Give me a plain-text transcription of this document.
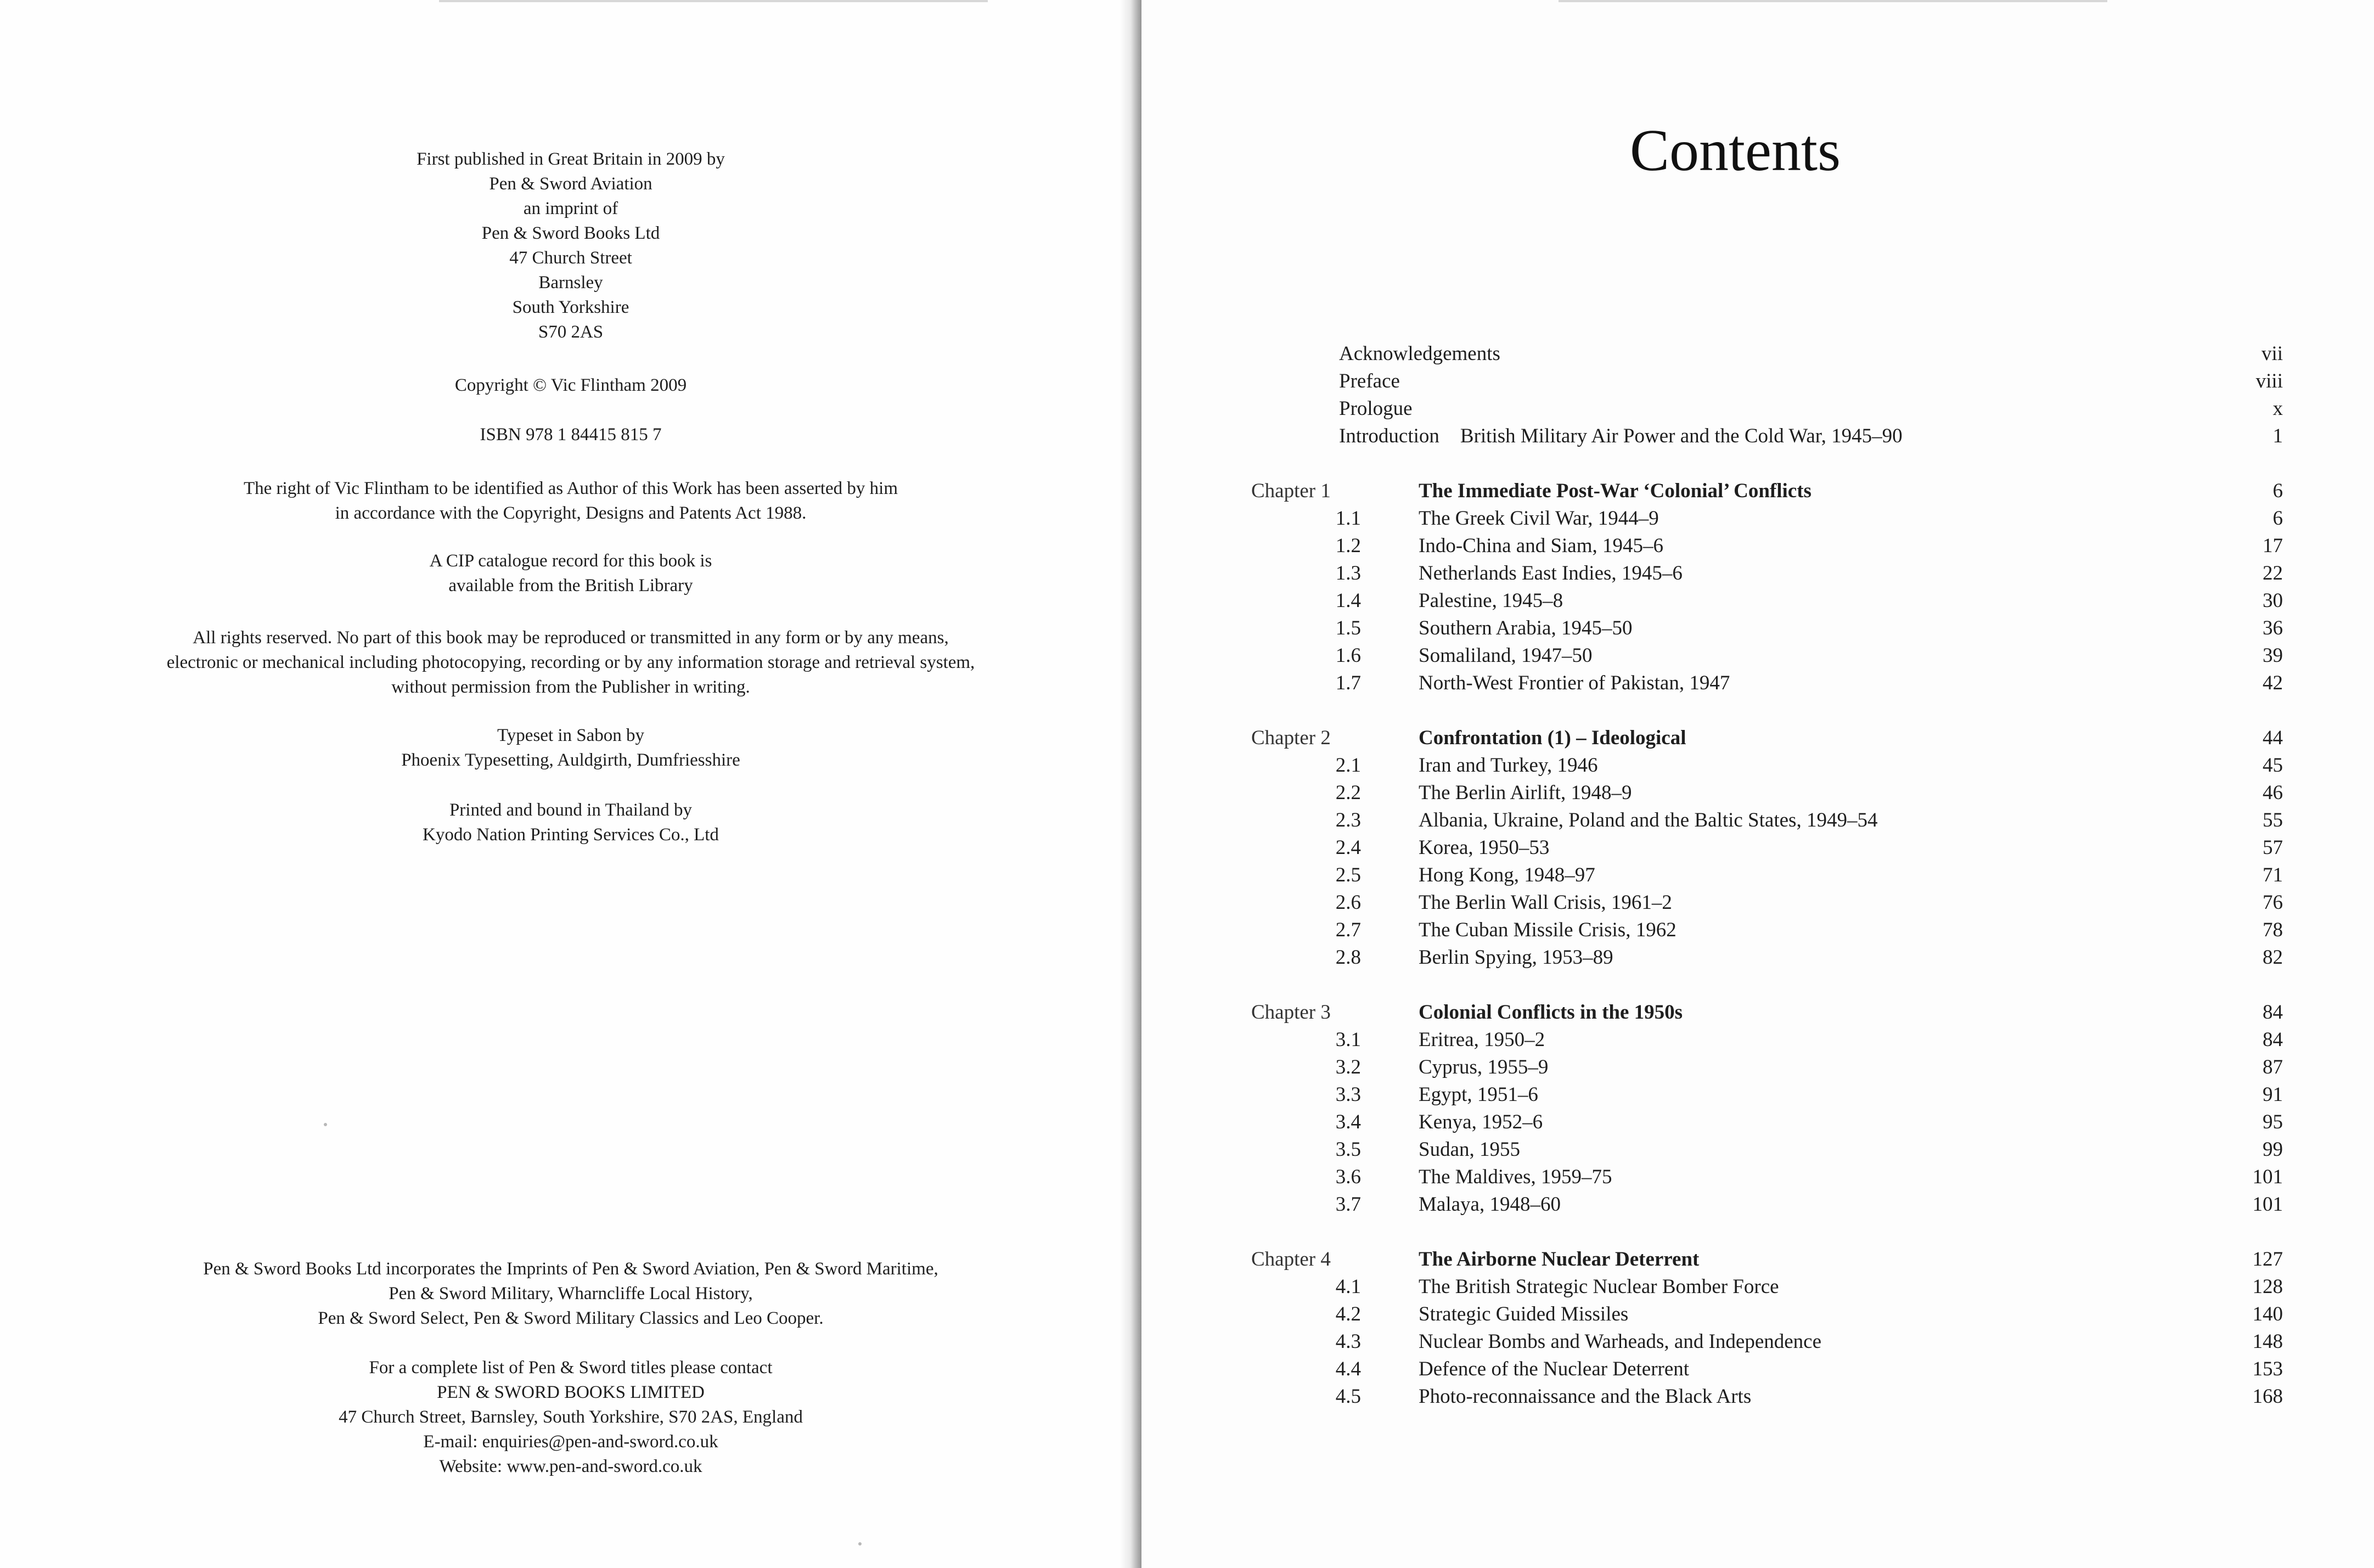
First published in Great Britain in 2009 by

Pen & Sword Aviation

an imprint of

Pen & Sword Books Ltd

47 Church Street

Barnsley

South Yorkshire

S70 2AS

Copyright © Vic Flintham 2009

ISBN 978 1 84415 815 7

The right of Vic Flintham to be identified as Author of this Work has been asserted by him

in accordance with the Copyright, Designs and Patents Act 1988.

A CIP catalogue record for this book is

available from the British Library

All rights reserved. No part of this book may be reproduced or transmitted in any form or by any means,

electronic or mechanical including photocopying, recording or by any information storage and retrieval system,

without permission from the Publisher in writing.

Typeset in Sabon by

Phoenix Typesetting, Auldgirth, Dumfriesshire

Printed and bound in Thailand by

Kyodo Nation Printing Services Co., Ltd

Pen & Sword Books Ltd incorporates the Imprints of Pen & Sword Aviation, Pen & Sword Maritime,

Pen & Sword Military, Wharncliffe Local History,

Pen & Sword Select, Pen & Sword Military Classics and Leo Cooper.

For a complete list of Pen & Sword titles please contact

PEN & SWORD BOOKS LIMITED

47 Church Street, Barnsley, South Yorkshire, S70 2AS, England

E-mail: enquiries@pen-and-sword.co.uk

Website: www.pen-and-sword.co.uk

Contents
Acknowledgements	vii
Preface	viii
Prologue	x
Introduction British Military Air Power and the Cold War, 1945–90	1
Chapter 1	The Immediate Post-War ‘Colonial’ Conflicts	6
1.1	The Greek Civil War, 1944–9	6
1.2	Indo-China and Siam, 1945–6	17
1.3	Netherlands East Indies, 1945–6	22
1.4	Palestine, 1945–8	30
1.5	Southern Arabia, 1945–50	36
1.6	Somaliland, 1947–50	39
1.7	North-West Frontier of Pakistan, 1947	42
Chapter 2	Confrontation (1) – Ideological	44
2.1	Iran and Turkey, 1946	45
2.2	The Berlin Airlift, 1948–9	46
2.3	Albania, Ukraine, Poland and the Baltic States, 1949–54	55
2.4	Korea, 1950–53	57
2.5	Hong Kong, 1948–97	71
2.6	The Berlin Wall Crisis, 1961–2	76
2.7	The Cuban Missile Crisis, 1962	78
2.8	Berlin Spying, 1953–89	82
Chapter 3	Colonial Conflicts in the 1950s	84
3.1	Eritrea, 1950–2	84
3.2	Cyprus, 1955–9	87
3.3	Egypt, 1951–6	91
3.4	Kenya, 1952–6	95
3.5	Sudan, 1955	99
3.6	The Maldives, 1959–75	101
3.7	Malaya, 1948–60	101
Chapter 4	The Airborne Nuclear Deterrent	127
4.1	The British Strategic Nuclear Bomber Force	128
4.2	Strategic Guided Missiles	140
4.3	Nuclear Bombs and Warheads, and Independence	148
4.4	Defence of the Nuclear Deterrent	153
4.5	Photo-reconnaissance and the Black Arts	168
